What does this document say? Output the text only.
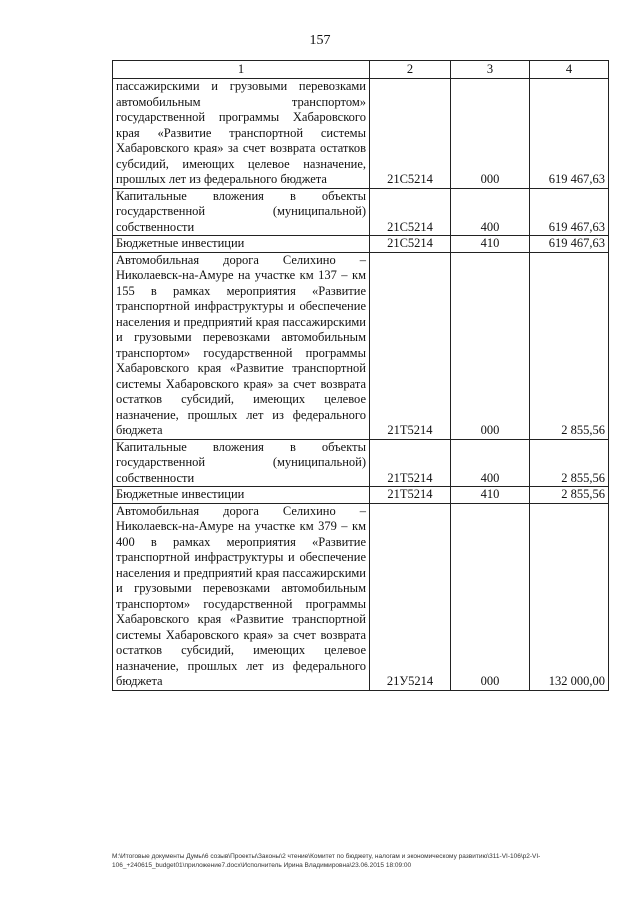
157
1	2	3	4
пассажирскими и грузовыми перевозками автомобильным транспортом» государственной программы Хабаровского края «Развитие транспортной системы Хабаровского края» за счет возврата остатков субсидий, имеющих целевое назначение, прошлых лет из федерального бюджета	21С5214	000	619 467,63
Капитальные вложения в объекты государственной (муниципальной) собственности	21С5214	400	619 467,63
Бюджетные инвестиции	21С5214	410	619 467,63
Автомобильная дорога Селихино – Николаевск-на-Амуре на участке км 137 – км 155 в рамках мероприятия «Развитие транспортной инфраструктуры и обеспечение населения и предприятий края пассажирскими и грузовыми перевозками автомобильным транспортом» государственной программы Хабаровского края «Развитие транспортной системы Хабаровского края» за счет возврата остатков субсидий, имеющих целевое назначение, прошлых лет из федерального бюджета	21Т5214	000	2 855,56
Капитальные вложения в объекты государственной (муниципальной) собственности	21Т5214	400	2 855,56
Бюджетные инвестиции	21Т5214	410	2 855,56
Автомобильная дорога Селихино – Николаевск-на-Амуре на участке км 379 – км 400 в рамках мероприятия «Развитие транспортной инфраструктуры и обеспечение населения и предприятий края пассажирскими и грузовыми перевозками автомобильным транспортом» государственной программы Хабаровского края «Развитие транспортной системы Хабаровского края» за счет возврата остатков субсидий, имеющих целевое назначение, прошлых лет из федерального бюджета	21У5214	000	132 000,00
М:\Итоговые документы Думы\6 созыв\Проекты\Законы\2 чтение\Комитет по бюджету, налогам и экономическому развитию\311-VI-106\р2-VI-106_+240615_budget01\приложение7.docx\Исполнитель Ирина Владимировна\23.06.2015 18:09:00
